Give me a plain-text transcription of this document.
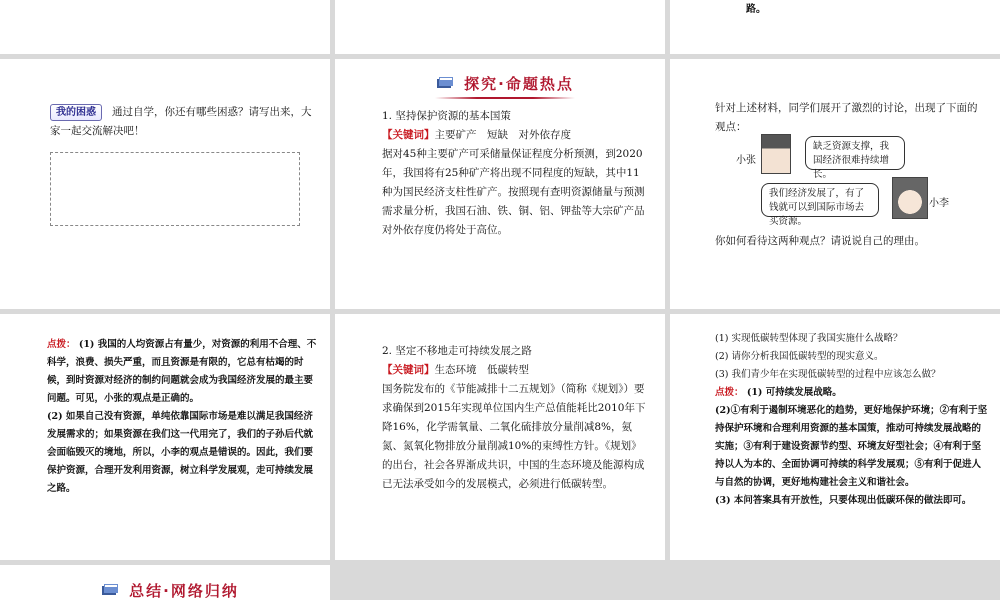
路。
我的困惑 通过自学，你还有哪些困惑？请写出来，大家一起交流解决吧！
探究·命题热点

1. 坚持保护资源的基本国策

【关键词】主要矿产　短缺　对外依存度

据对45种主要矿产可采储量保证程度分析预测，到2020年，我国将有25种矿产将出现不同程度的短缺，其中11种为国民经济支柱性矿产。按照现有查明资源储量与预测需求量分析，我国石油、铁、铜、铝、钾盐等大宗矿产品对外依存度仍将处于高位。

针对上述材料，同学们展开了激烈的讨论，出现了下面的观点：
小张
缺乏资源支撑，我国经济很难持续增长。
我们经济发展了，有了钱就可以到国际市场去买资源。
小李
你如何看待这两种观点？请说说自己的理由。

点拨： (1) 我国的人均资源占有量少，对资源的利用不合理、不科学，浪费、损失严重，而且资源是有限的，它总有枯竭的时候，到时资源对经济的制约问题就会成为我国经济发展的最主要问题。可见，小张的观点是正确的。

(2) 如果自己没有资源，单纯依靠国际市场是难以满足我国经济发展需求的；如果资源在我们这一代用完了，我们的子孙后代就会面临毁灭的境地，所以，小李的观点是错误的。因此，我们要保护资源，合理开发利用资源，树立科学发展观，走可持续发展之路。

2. 坚定不移地走可持续发展之路

【关键词】生态环境　低碳转型

国务院发布的《节能减排十二五规划》（简称《规划》）要求确保到2015年实现单位国内生产总值能耗比2010年下降16%，化学需氧量、二氧化硫排放分量削减8%，氨氮、氮氧化物排放分量削减10%的束缚性方针。《规划》的出台，社会各界渐成共识，中国的生态环境及能源构成已无法承受如今的发展模式，必须进行低碳转型。

(1) 实现低碳转型体现了我国实施什么战略？

(2) 请你分析我国低碳转型的现实意义。

(3) 我们青少年在实现低碳转型的过程中应该怎么做？

点拨： (1) 可持续发展战略。

(2)①有利于遏制环境恶化的趋势，更好地保护环境；②有利于坚持保护环境和合理利用资源的基本国策，推动可持续发展战略的实施；③有利于建设资源节约型、环境友好型社会；④有利于坚持以人为本的、全面协调可持续的科学发展观；⑤有利于促进人与自然的协调，更好地构建社会主义和谐社会。

(3) 本问答案具有开放性，只要体现出低碳环保的做法即可。

总结·网络归纳
